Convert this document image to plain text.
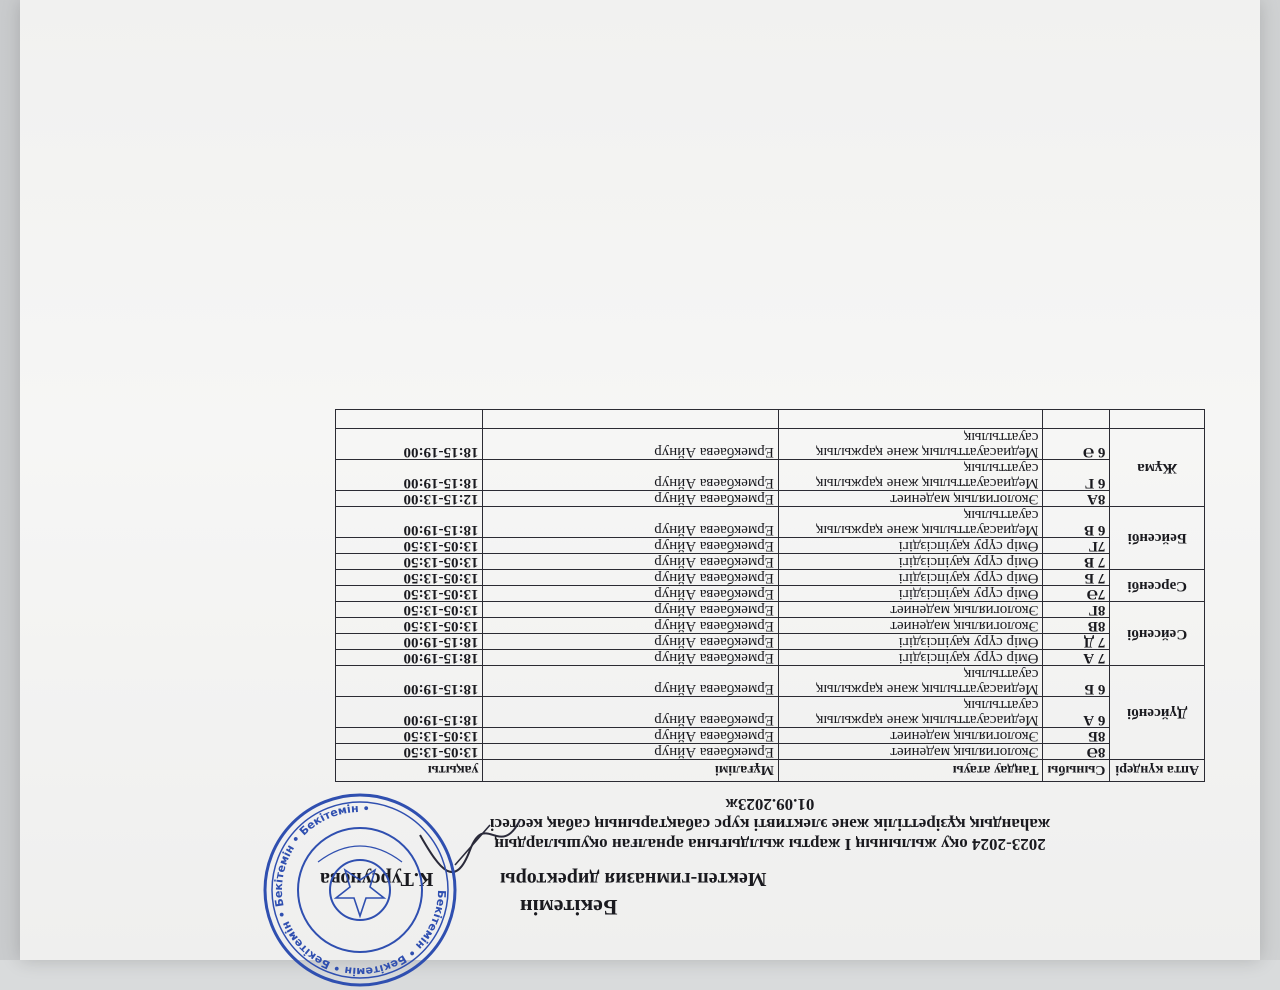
Бекітемін
Мектеп-гимназия директоры
К.Турсунова
2023-2024 оқу жылының I жарты жылдығына арналған оқушылардың
жаһандық құзіреттілік және элективті курс сабақтарының сабақ кестесі
01.09.2023ж
Бекітемін • Бекітемін • Бекітемін • Бекітемін • Бекітемін •
Апта күндері	Сыныбы	Таңдау атауы	Мұғалімі	уақыты
Дүйсенбі	8Ә	Экологиялық мәдениет	Ермекбаева Айнур	13:05-13:50
	8Б	Экологиялық мәдениет	Ермекбаева Айнур	13:05-13:50
	6 А	Медиасауаттылық және қаржылық сауаттылық	Ермекбаева Айнур	18:15-19:00
	6 Б	Медиасауаттылық және қаржылық сауаттылық	Ермекбаева Айнур	18:15-19:00
Сейсенбі	7 А	Өмір сүру қауіпсіздігі	Ермекбаева Айнур	18:15-19:00
	7 Д	Өмір сүру қауіпсіздігі	Ермекбаева Айнур	18:15-19:00
	8В	Экологиялық мәдениет	Ермекбаева Айнур	13:05-13:50
	8Г	Экологиялық мәдениет	Ермекбаева Айнур	13:05-13:50
Сәрсенбі	7Ә	Өмір сүру қауіпсіздігі	Ермекбаева Айнур	13:05-13:50
	7 Б	Өмір сүру қауіпсіздігі	Ермекбаева Айнур	13:05-13:50
Бейсенбі	7 В	Өмір сүру қауіпсіздігі	Ермекбаева Айнур	13:05-13:50
	7Г	Өмір сүру қауіпсіздігі	Ермекбаева Айнур	13:05-13:50
	6 В	Медиасауаттылық және қаржылық сауаттылық	Ермекбаева Айнур	18:15-19:00
Жұма	8А	Экологиялық мәдениет	Ермекбаева Айнур	12:15-13:00
	6 Г	Медиасауаттылық және қаржылық сауаттылық	Ермекбаева Айнур	18:15-19:00
	6 Ә	Медиасауаттылық және қаржылық сауаттылық	Ермекбаева Айнур	18:15-19:00
